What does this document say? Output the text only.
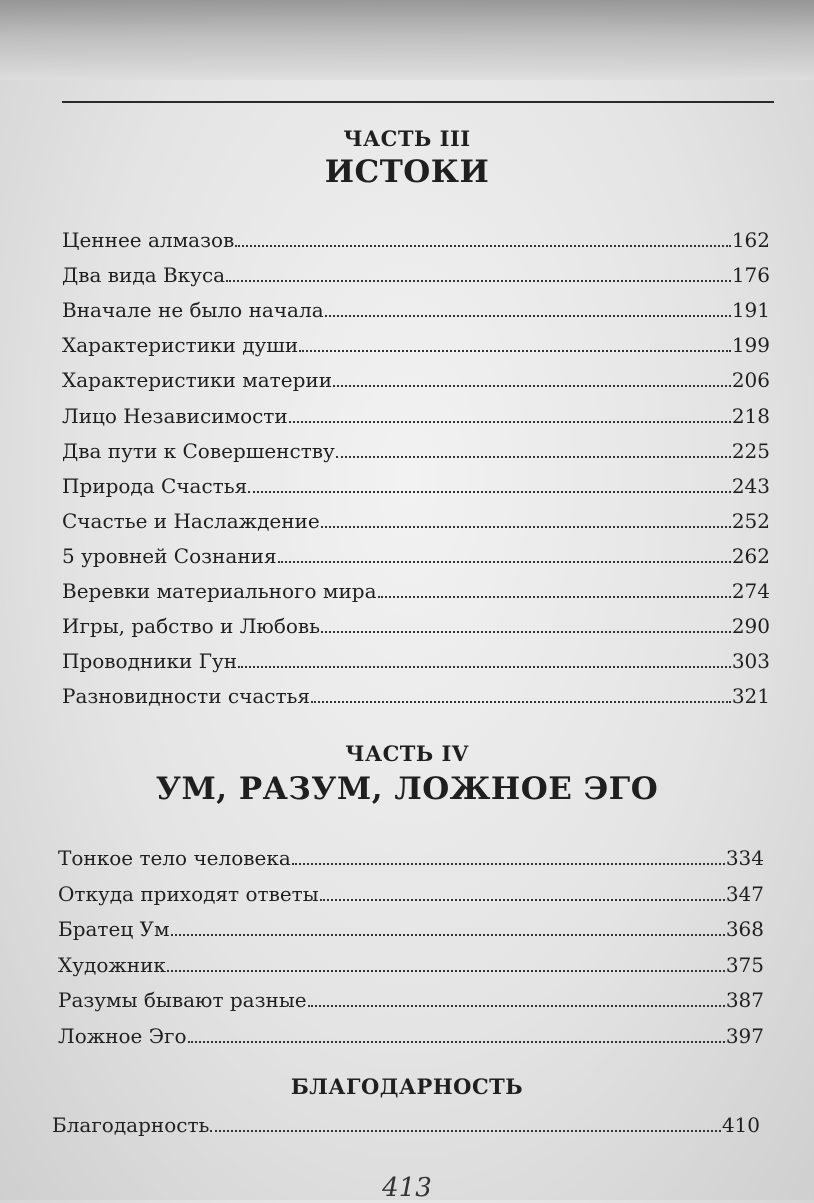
ЧАСТЬ III
ИСТОКИ
Ценнее алмазов	162
Два вида Вкуса	176
Вначале не было начала	191
Характеристики души	199
Характеристики материи	206
Лицо Независимости	218
Два пути к Совершенству	225
Природа Счастья	243
Счастье и Наслаждение	252
5 уровней Сознания	262
Веревки материального мира	274
Игры, рабство и Любовь	290
Проводники Гун	303
Разновидности счастья	321
ЧАСТЬ IV
УМ, РАЗУМ, ЛОЖНОЕ ЭГО
Тонкое тело человека	334
Откуда приходят ответы	347
Братец Ум	368
Художник	375
Разумы бывают разные	387
Ложное Эго	397
БЛАГОДАРНОСТЬ
Благодарность	410
413
